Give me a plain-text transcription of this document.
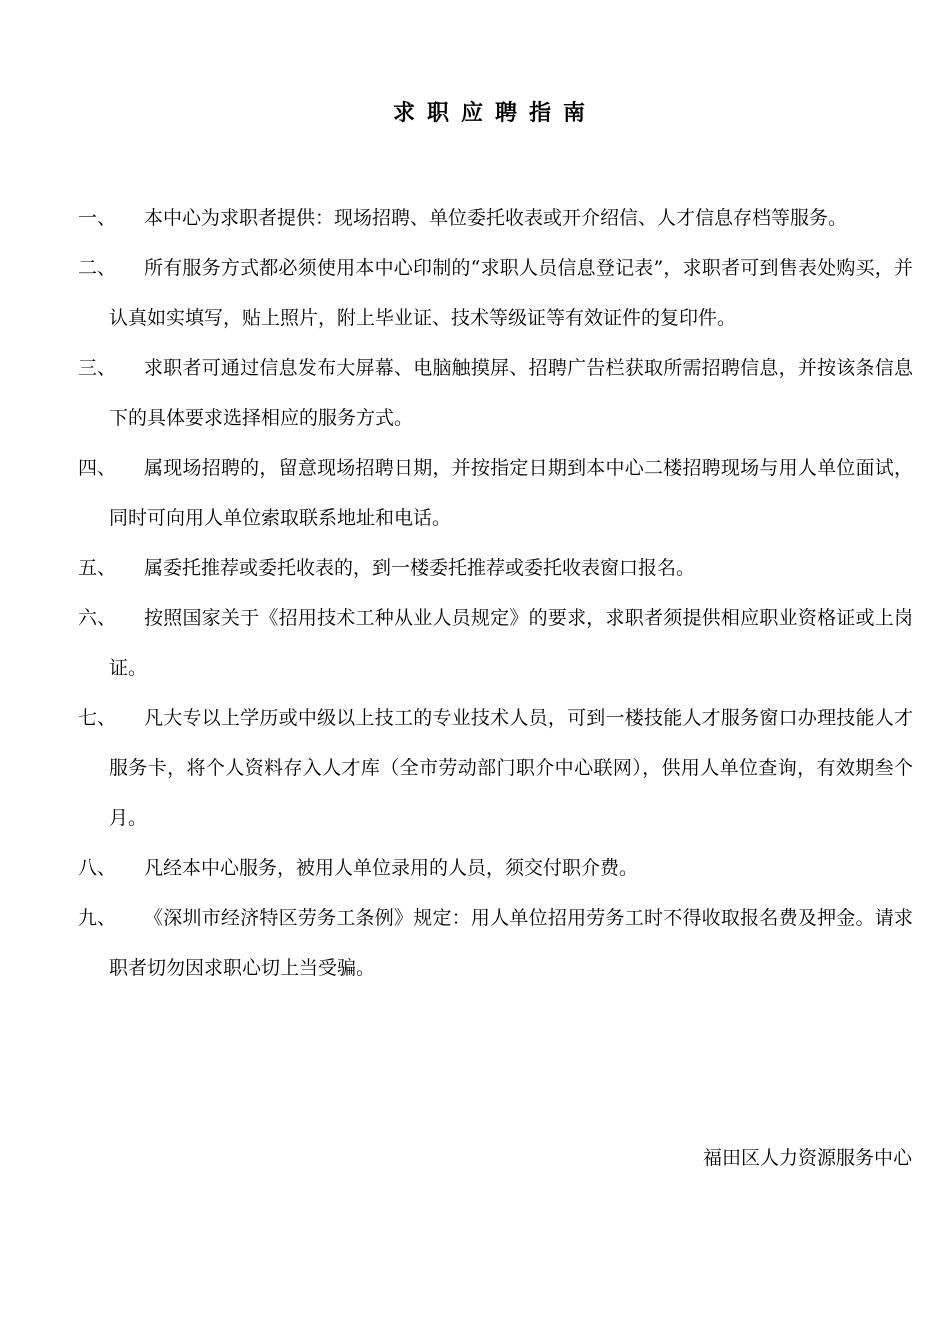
求职应聘指南
一、	本中心为求职者提供：现场招聘、单位委托收表或开介绍信、人才信息存档等服务。
二、	所有服务方式都必须使用本中心印制的“求职人员信息登记表”，求职者可到售表处购买，并认真如实填写，贴上照片，附上毕业证、技术等级证等有效证件的复印件。
三、	求职者可通过信息发布大屏幕、电脑触摸屏、招聘广告栏获取所需招聘信息，并按该条信息下的具体要求选择相应的服务方式。
四、	属现场招聘的，留意现场招聘日期，并按指定日期到本中心二楼招聘现场与用人单位面试，同时可向用人单位索取联系地址和电话。
五、	属委托推荐或委托收表的，到一楼委托推荐或委托收表窗口报名。
六、	按照国家关于《招用技术工种从业人员规定》的要求，求职者须提供相应职业资格证或上岗证。
七、	凡大专以上学历或中级以上技工的专业技术人员，可到一楼技能人才服务窗口办理技能人才服务卡，将个人资料存入人才库（全市劳动部门职介中心联网），供用人单位查询，有效期叁个月。
八、	凡经本中心服务，被用人单位录用的人员，须交付职介费。
九、	《深圳市经济特区劳务工条例》规定：用人单位招用劳务工时不得收取报名费及押金。请求职者切勿因求职心切上当受骗。
福田区人力资源服务中心
